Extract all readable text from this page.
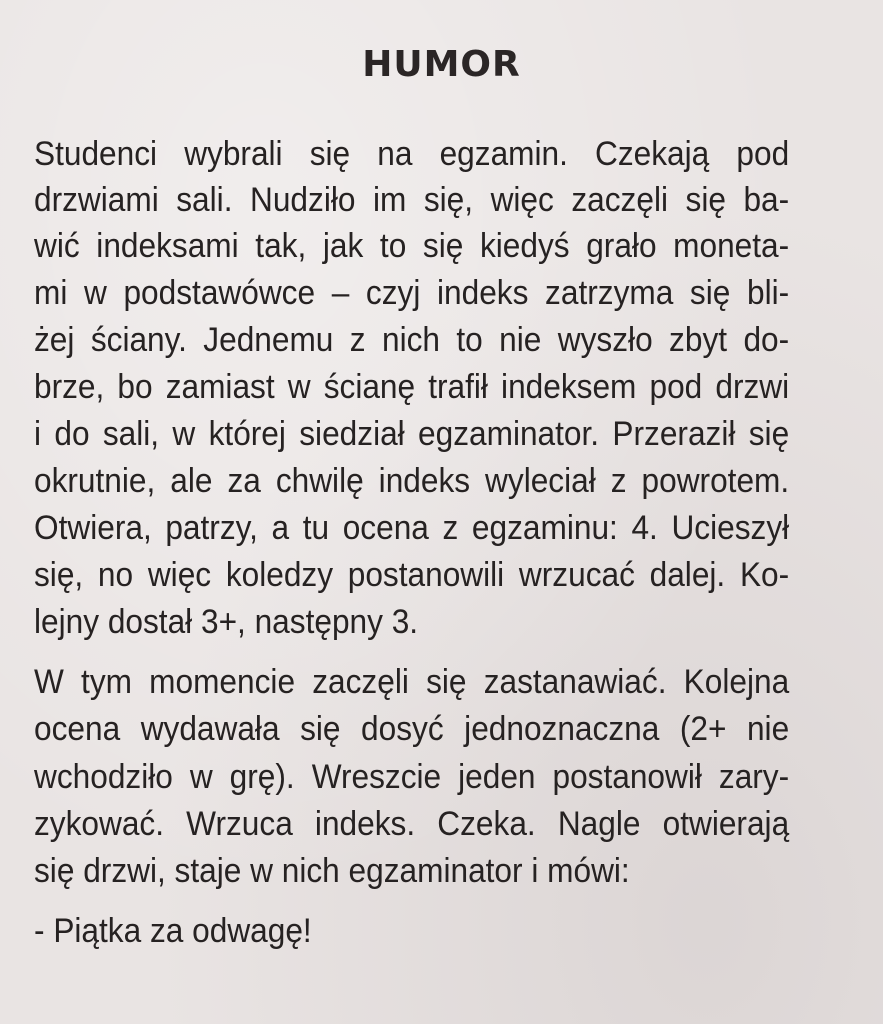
HUMOR
Studenci wybrali się na egzamin. Czekają pod
drzwiami sali. Nudziło im się, więc zaczęli się ba-
wić indeksami tak, jak to się kiedyś grało moneta-
mi w podstawówce – czyj indeks zatrzyma się bli-
żej ściany. Jednemu z nich to nie wyszło zbyt do-
brze, bo zamiast w ścianę trafił indeksem pod drzwi
i do sali, w której siedział egzaminator. Przeraził się
okrutnie, ale za chwilę indeks wyleciał z powrotem.
Otwiera, patrzy, a tu ocena z egzaminu: 4. Ucieszył
się, no więc koledzy postanowili wrzucać dalej. Ko-
lejny dostał 3+, następny 3.
W tym momencie zaczęli się zastanawiać. Kolejna
ocena wydawała się dosyć jednoznaczna (2+ nie
wchodziło w grę). Wreszcie jeden postanowił zary-
zykować. Wrzuca indeks. Czeka. Nagle otwierają
się drzwi, staje w nich egzaminator i mówi:
- Piątka za odwagę!
